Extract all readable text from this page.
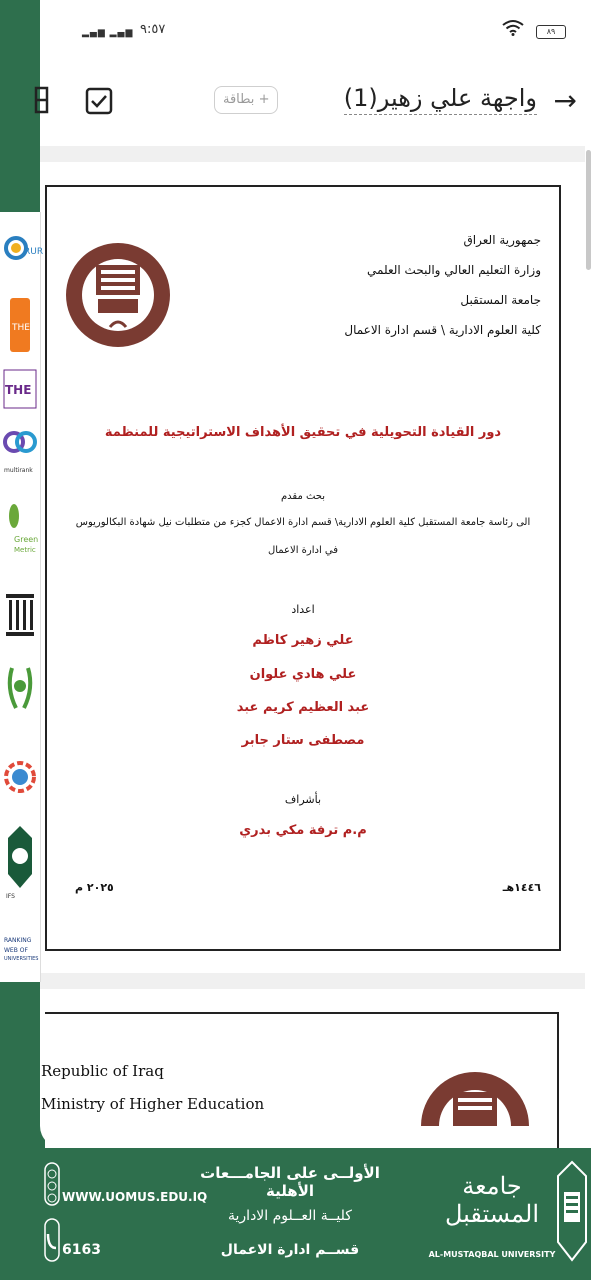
▂▄▆ ▂▄▆ ٩:٥٧	٨٩
بطاقة +	واجهة علي زهير(1) →
جمهورية العراق
وزارة التعليم العالي والبحث العلمي
جامعة المستقبل
كلية العلوم الادارية \ قسم ادارة الاعمال
دور القيادة التحويلية في تحقيق الأهداف الاستراتيجية للمنظمة
بحث مقدم
الى رئاسة جامعة المستقبل كلية العلوم الادارية\ قسم ادارة الاعمال كجزء من متطلبات نيل شهادة البكالوريوس
في ادارة الاعمال
اعداد
علي زهير كاظم
علي هادي علوان
عبد العظيم كريم عبد
مصطفى ستار جابر
بأشراف
م.م ترفة مكي بدري
١٤٤٦هـ
٢٠٢٥ م
Republic of Iraq
Ministry of Higher Education
RUR
THE
THE
multirank
Green
Metric
IFS
RANKING
WEB OF
UNIVERSITIES
WWW.UOMUS.EDU.IQ
6163
الأولــى على الجامـــعات الأهلية
كليــة العــلوم الادارية
قســم ادارة الاعمال
جامعة المستقبل
AL-MUSTAQBAL UNIVERSITY
